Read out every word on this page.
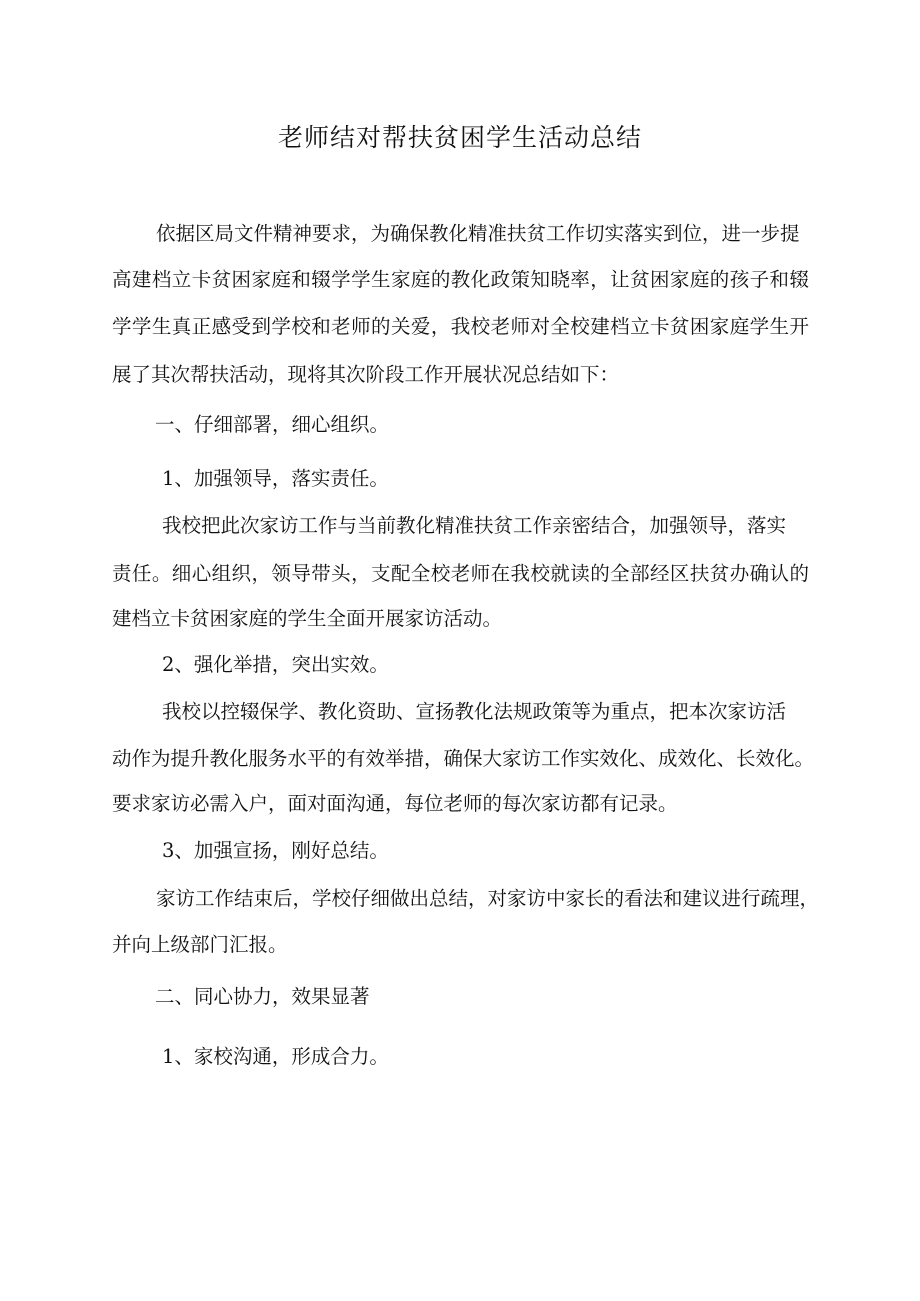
老师结对帮扶贫困学生活动总结
依据区局文件精神要求，为确保教化精准扶贫工作切实落实到位，进一步提
高建档立卡贫困家庭和辍学学生家庭的教化政策知晓率，让贫困家庭的孩子和辍
学学生真正感受到学校和老师的关爱，我校老师对全校建档立卡贫困家庭学生开
展了其次帮扶活动，现将其次阶段工作开展状况总结如下：
一、仔细部署，细心组织。
1、加强领导，落实责任。
我校把此次家访工作与当前教化精准扶贫工作亲密结合，加强领导，落实
责任。细心组织，领导带头，支配全校老师在我校就读的全部经区扶贫办确认的
建档立卡贫困家庭的学生全面开展家访活动。
2、强化举措，突出实效。
我校以控辍保学、教化资助、宣扬教化法规政策等为重点，把本次家访活
动作为提升教化服务水平的有效举措，确保大家访工作实效化、成效化、长效化。
要求家访必需入户，面对面沟通，每位老师的每次家访都有记录。
3、加强宣扬，刚好总结。
家访工作结束后，学校仔细做出总结，对家访中家长的看法和建议进行疏理，
并向上级部门汇报。
二、同心协力，效果显著
1、家校沟通，形成合力。
